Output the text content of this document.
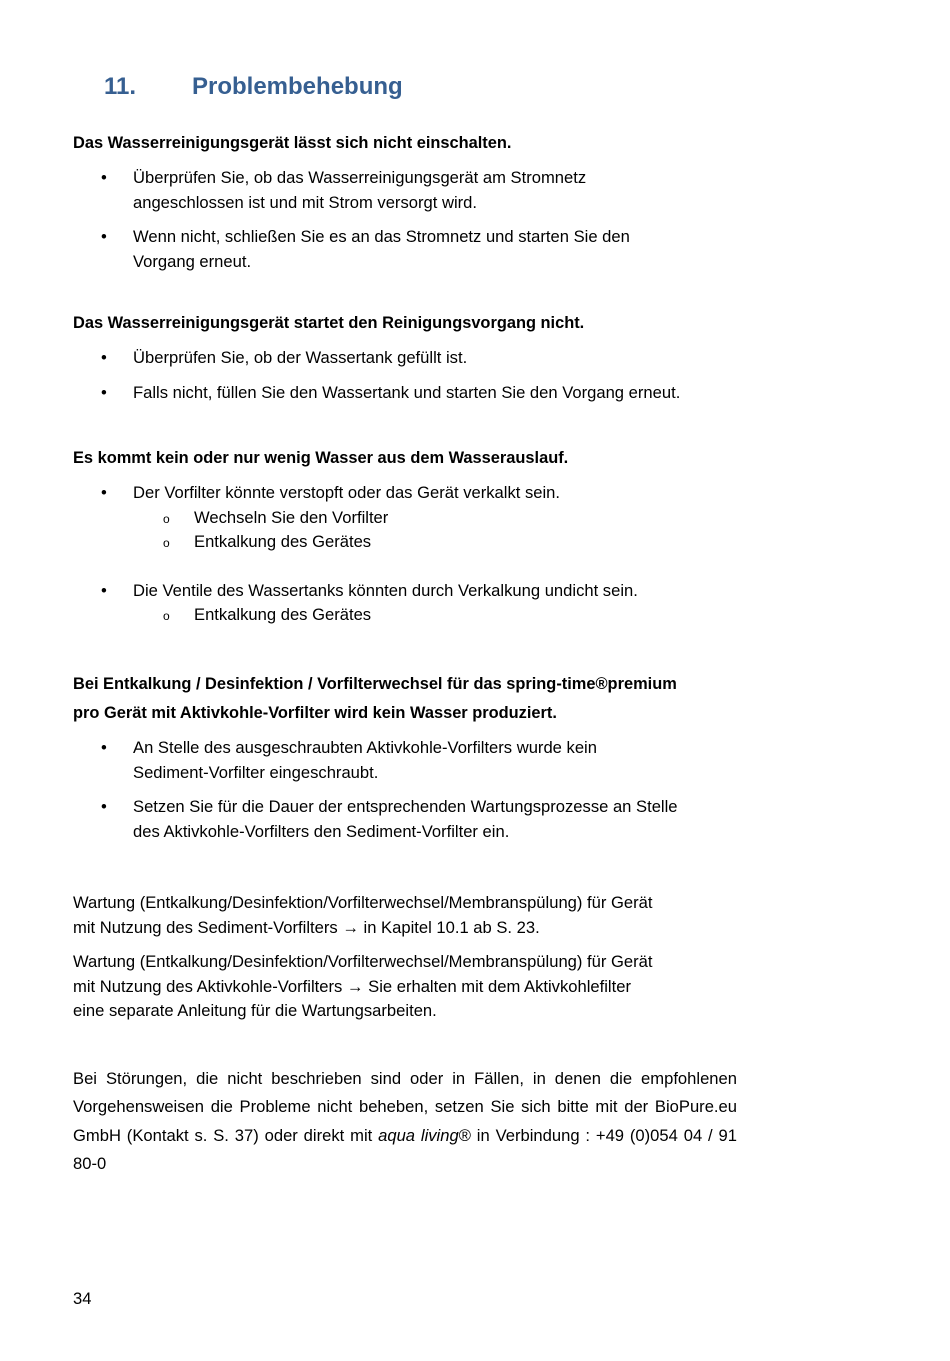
11. Problembehebung

Das Wasserreinigungsgerät lässt sich nicht einschalten.

• Überprüfen Sie, ob das Wasserreinigungsgerät am Stromnetz
angeschlossen ist und mit Strom versorgt wird.
• Wenn nicht, schließen Sie es an das Stromnetz und starten Sie den
Vorgang erneut.

Das Wasserreinigungsgerät startet den Reinigungsvorgang nicht.

• Überprüfen Sie, ob der Wassertank gefüllt ist.
• Falls nicht, füllen Sie den Wassertank und starten Sie den Vorgang erneut.

Es kommt kein oder nur wenig Wasser aus dem Wasserauslauf.

• Der Vorfilter könnte verstopft oder das Gerät verkalkt sein.
o Wechseln Sie den Vorfilter
o Entkalkung des Gerätes
• Die Ventile des Wassertanks könnten durch Verkalkung undicht sein.
o Entkalkung des Gerätes

Bei Entkalkung / Desinfektion / Vorfilterwechsel für das spring-time®premium
pro Gerät mit Aktivkohle-Vorfilter wird kein Wasser produziert.

• An Stelle des ausgeschraubten Aktivkohle-Vorfilters wurde kein
Sediment-Vorfilter eingeschraubt.
• Setzen Sie für die Dauer der entsprechenden Wartungsprozesse an Stelle
des Aktivkohle-Vorfilters den Sediment-Vorfilter ein.

Wartung (Entkalkung/Desinfektion/Vorfilterwechsel/Membranspülung) für Gerät
mit Nutzung des Sediment-Vorfilters → in Kapitel 10.1 ab S. 23.

Wartung (Entkalkung/Desinfektion/Vorfilterwechsel/Membranspülung) für Gerät
mit Nutzung des Aktivkohle-Vorfilters → Sie erhalten mit dem Aktivkohlefilter
eine separate Anleitung für die Wartungsarbeiten.

Bei Störungen, die nicht beschrieben sind oder in Fällen, in denen die empfohlenen Vorgehensweisen die Probleme nicht beheben, setzen Sie sich bitte mit der BioPure.eu GmbH (Kontakt s. S. 37) oder direkt mit aqua living® in Verbindung : +49 (0)054 04 / 91 80-0

34
